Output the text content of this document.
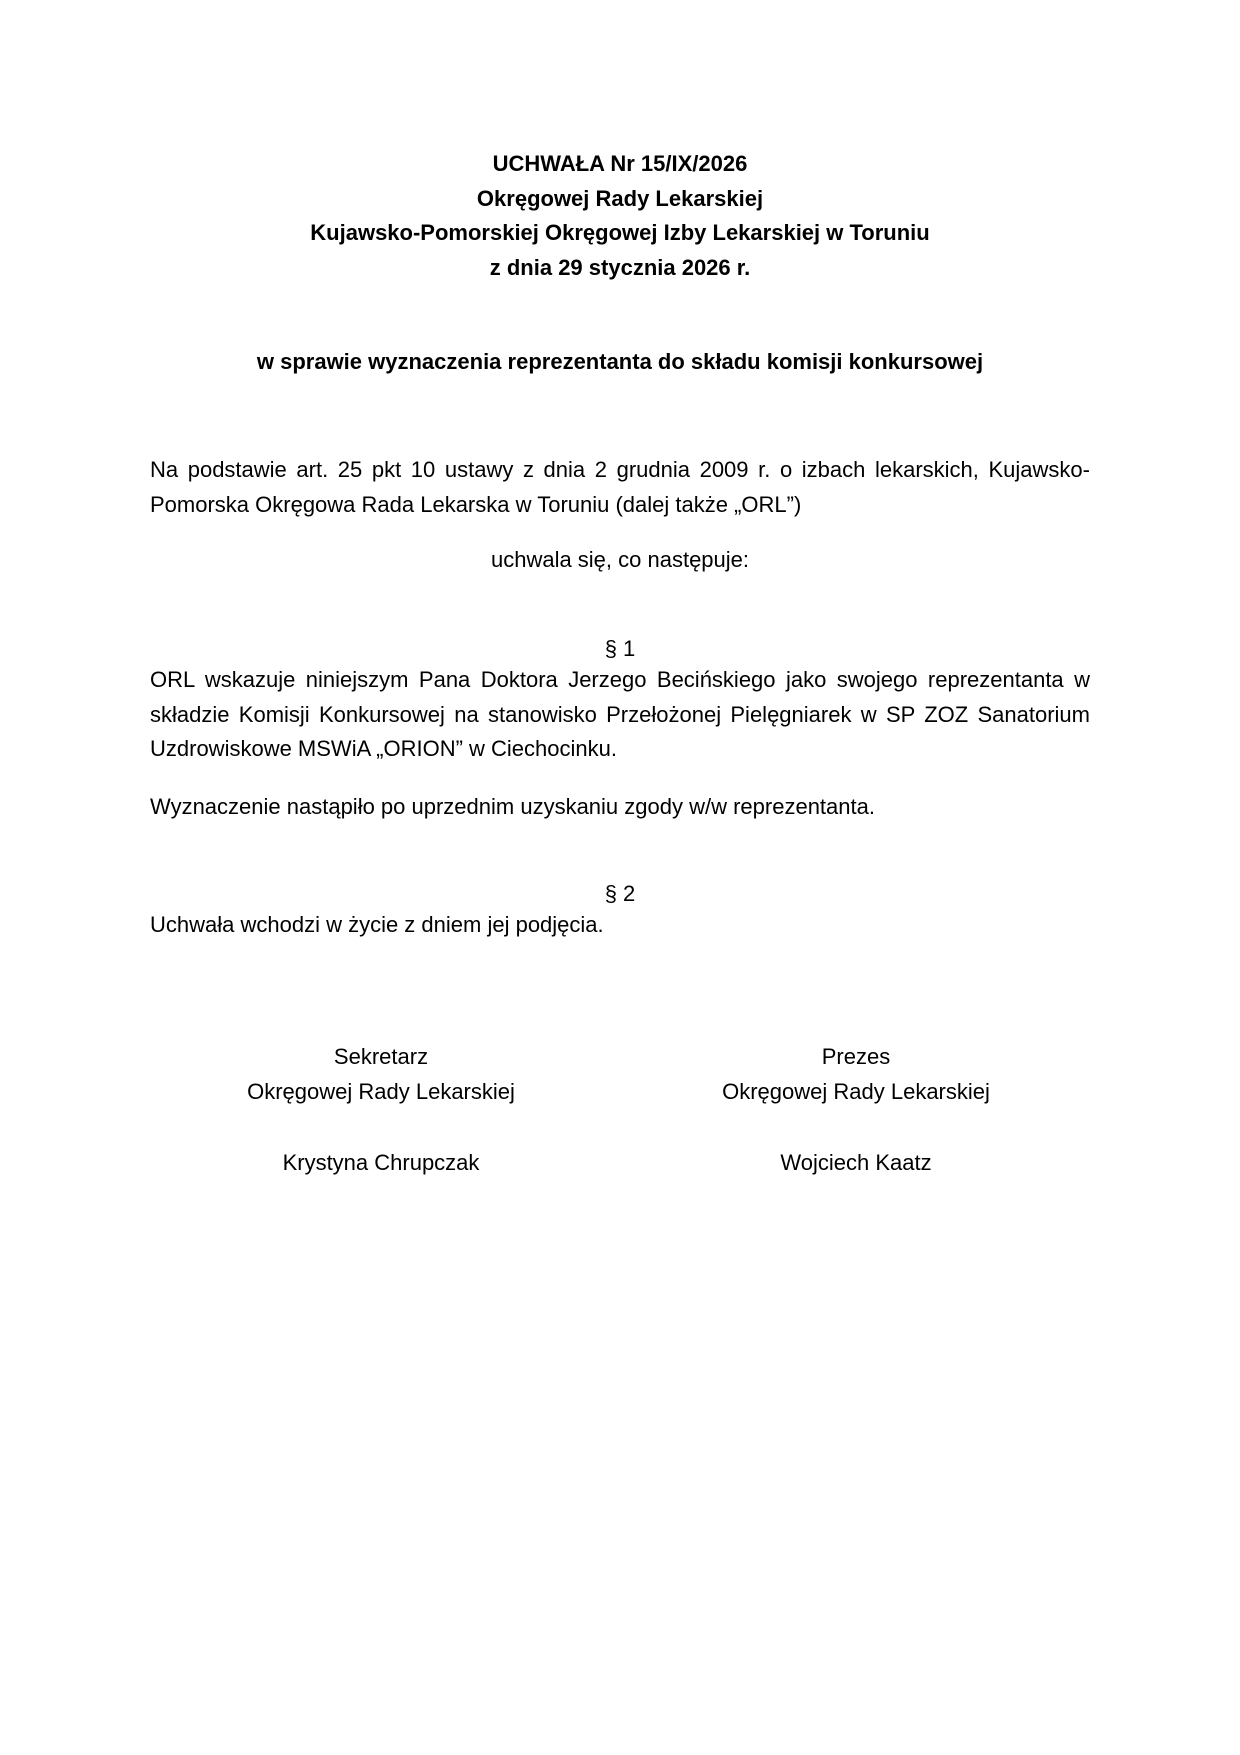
UCHWAŁA Nr 15/IX/2026
Okręgowej Rady Lekarskiej
Kujawsko-Pomorskiej Okręgowej Izby Lekarskiej w Toruniu
z dnia 29 stycznia 2026 r.
w sprawie wyznaczenia reprezentanta do składu komisji konkursowej

Na podstawie art. 25 pkt 10 ustawy z dnia 2 grudnia 2009 r. o izbach lekarskich, Kujawsko-Pomorska Okręgowa Rada Lekarska w Toruniu (dalej także „ORL”)

uchwala się, co następuje:
§ 1

ORL wskazuje niniejszym Pana Doktora Jerzego Becińskiego jako swojego reprezentanta w składzie Komisji Konkursowej na stanowisko Przełożonej Pielęgniarek w SP ZOZ Sanatorium Uzdrowiskowe MSWiA „ORION” w Ciechocinku.

Wyznaczenie nastąpiło po uprzednim uzyskaniu zgody w/w reprezentanta.
§ 2
Uchwała wchodzi w życie z dniem jej podjęcia.
Sekretarz
Okręgowej Rady Lekarskiej
Krystyna Chrupczak
Prezes
Okręgowej Rady Lekarskiej
Wojciech Kaatz
